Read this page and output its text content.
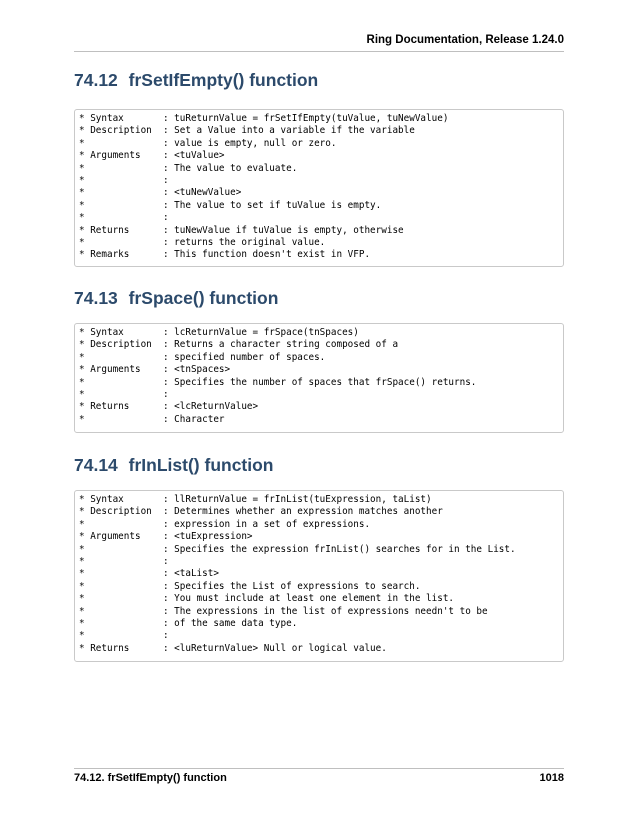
Ring Documentation, Release 1.24.0
74.12 frSetIfEmpty() function
* Syntax       : tuReturnValue = frSetIfEmpty(tuValue, tuNewValue)
* Description  : Set a Value into a variable if the variable
*              : value is empty, null or zero.
* Arguments    : <tuValue>
*              : The value to evaluate.
*              :
*              : <tuNewValue>
*              : The value to set if tuValue is empty.
*              :
* Returns      : tuNewValue if tuValue is empty, otherwise
*              : returns the original value.
* Remarks      : This function doesn't exist in VFP.
74.13 frSpace() function
* Syntax       : lcReturnValue = frSpace(tnSpaces)
* Description  : Returns a character string composed of a
*              : specified number of spaces.
* Arguments    : <tnSpaces>
*              : Specifies the number of spaces that frSpace() returns.
*              :
* Returns      : <lcReturnValue>
*              : Character
74.14 frInList() function
* Syntax       : llReturnValue = frInList(tuExpression, taList)
* Description  : Determines whether an expression matches another
*              : expression in a set of expressions.
* Arguments    : <tuExpression>
*              : Specifies the expression frInList() searches for in the List.
*              :
*              : <taList>
*              : Specifies the List of expressions to search.
*              : You must include at least one element in the list.
*              : The expressions in the list of expressions needn't to be
*              : of the same data type.
*              :
* Returns      : <luReturnValue> Null or logical value.
74.12. frSetIfEmpty() function	1018
